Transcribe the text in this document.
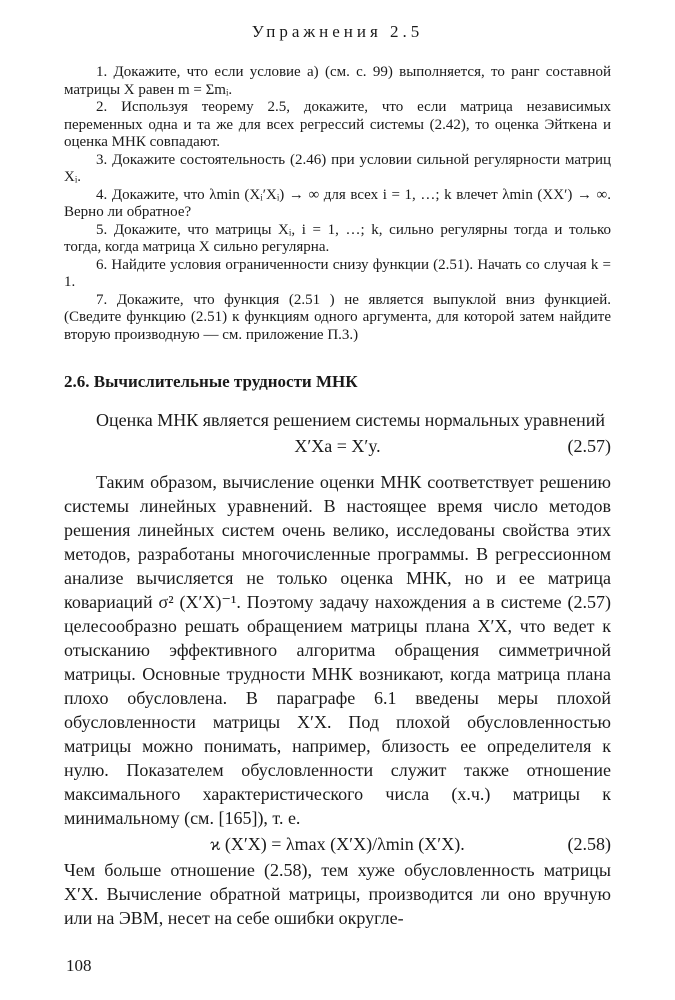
Упражнения 2.5

1. Докажите, что если условие а) (см. с. 99) выполняется, то ранг составной матрицы X равен m = Σmᵢ.

2. Используя теорему 2.5, докажите, что если матрица независимых переменных одна и та же для всех регрессий системы (2.42), то оценка Эйткена и оценка МНК совпадают.

3. Докажите состоятельность (2.46) при условии сильной регулярности матриц Xᵢ.

4. Докажите, что λmin (Xᵢ′Xᵢ) → ∞ для всех i = 1, …; k влечет λmin (XX′) → ∞. Верно ли обратное?

5. Докажите, что матрицы Xᵢ, i = 1, …; k, сильно регулярны тогда и только тогда, когда матрица X сильно регулярна.

6. Найдите условия ограниченности снизу функции (2.51). Начать со случая k = 1.

7. Докажите, что функция (2.51 ) не является выпуклой вниз функцией. (Сведите функцию (2.51) к функциям одного аргумента, для которой затем найдите вторую производную — см. приложение П.3.)

2.6. Вычислительные трудности МНК

Оценка МНК является решением системы нормальных уравнений

X′Xa = X′y.	(2.57)

Таким образом, вычисление оценки МНК соответствует решению системы линейных уравнений. В настоящее время число методов решения линейных систем очень велико, исследованы свойства этих методов, разработаны многочисленные программы. В регрессионном анализе вычисляется не только оценка МНК, но и ее матрица ковариаций σ² (X′X)⁻¹. Поэтому задачу нахождения a в системе (2.57) целесообразно решать обращением матрицы плана X′X, что ведет к отысканию эффективного алгоритма обращения симметричной матрицы. Основные трудности МНК возникают, когда матрица плана плохо обусловлена. В параграфе 6.1 введены меры плохой обусловленности матрицы X′X. Под плохой обусловленностью матрицы можно понимать, например, близость ее определителя к нулю. Показателем обусловленности служит также отношение максимального характеристического числа (х.ч.) матрицы к минимальному (см. [165]), т. е.

ϰ (X′X) = λmax (X′X)/λmin (X′X).	(2.58)

Чем больше отношение (2.58), тем хуже обусловленность матрицы X′X. Вычисление обратной матрицы, производится ли оно вручную или на ЭВМ, несет на себе ошибки округле-

108
